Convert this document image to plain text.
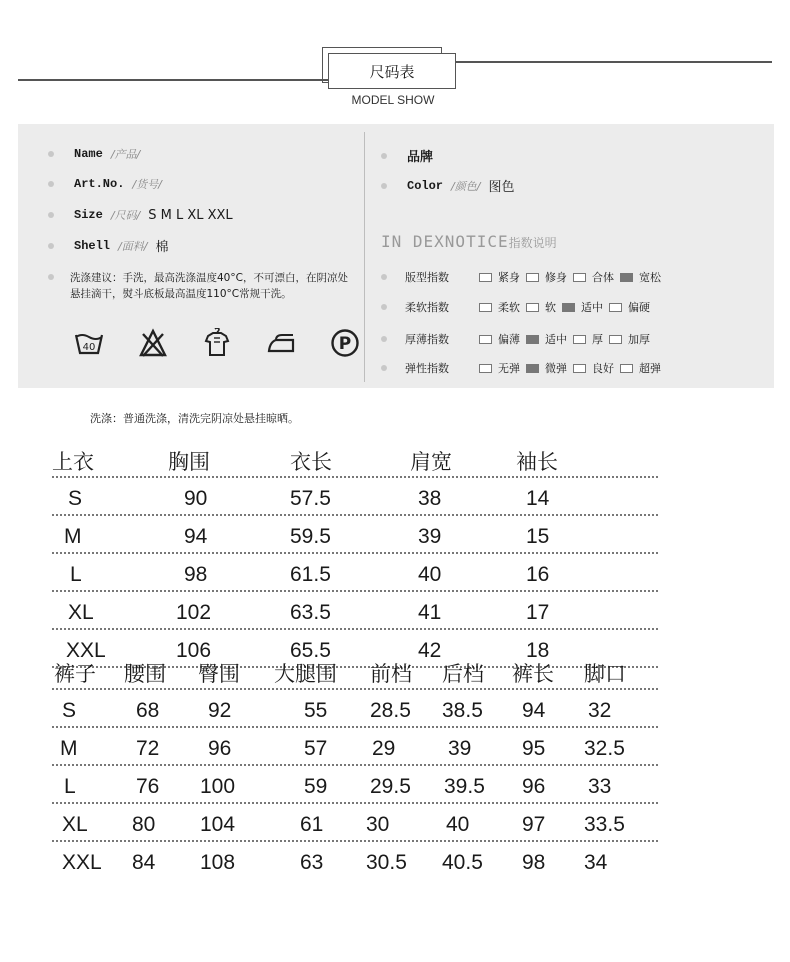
尺码表
MODEL SHOW
Name /产品/
Art.No. /货号/
Size /尺码/ S M L XL XXL
Shell /面料/ 棉
洗涤建议：手洗，最高洗涤温度40°C，不可漂白，在阴凉处悬挂滴干，熨斗底板最高温度110°C常规干洗。
40	P
品牌
Color /颜色/ 图色
IN DEXNOTICE指数说明
版型指数	紧身 修身 合体 宽松
柔软指数	柔软 软 适中 偏硬
厚薄指数	偏薄 适中 厚 加厚
弹性指数	无弹 微弹 良好 超弹
洗涤：普通洗涤，清洗完阴凉处悬挂晾晒。
上衣	胸围	衣长	肩宽	袖长
S	90	57.5	38	14
M	94	59.5	39	15
L	98	61.5	40	16
XL	102	63.5	41	17
XXL	106	65.5	42	18
裤子 腰围 臀围 大腿围 前档 后档 裤长 脚口
S	68 92	55 28.5 38.5 94 32
M	72 96	57 29	39 95 32.5
L	76 100	59 29.5 39.5 96 33
XL 80 104	61 30	40	97 33.5
XXL 84 108	63 30.5 40.5 98 34
